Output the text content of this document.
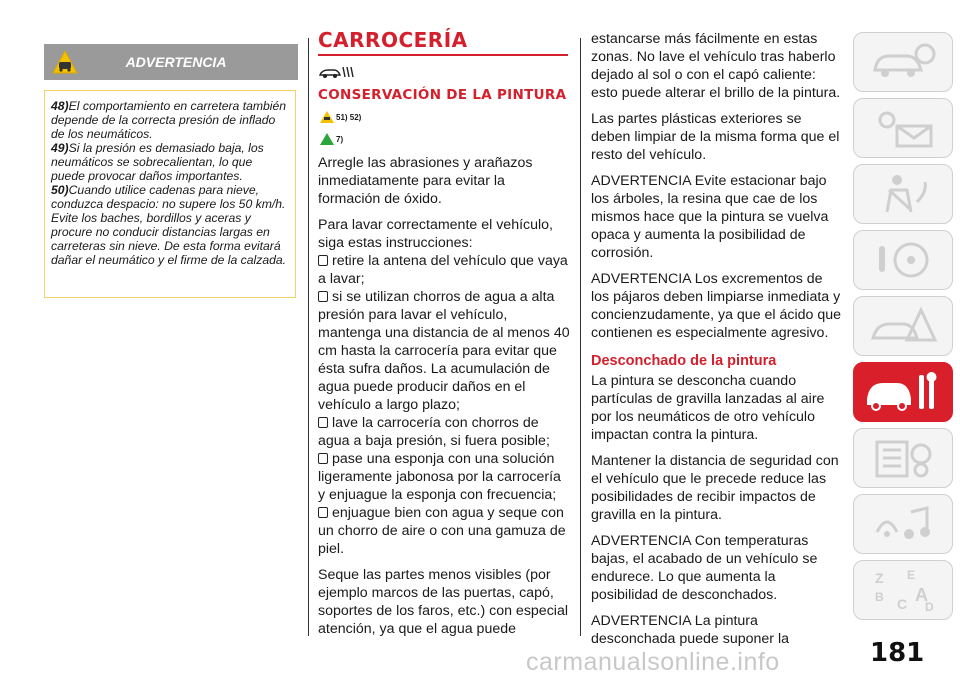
ADVERTENCIA

48)El comportamiento en carretera también depende de la correcta presión de inflado de los neumáticos.

49)Si la presión es demasiado baja, los neumáticos se sobrecalientan, lo que puede provocar daños importantes.

50)Cuando utilice cadenas para nieve, conduzca despacio: no supere los 50 km/h. Evite los baches, bordillos y aceras y procure no conducir distancias largas en carreteras sin nieve. De esta forma evitará dañar el neumático y el firme de la calzada.

CARROCERÍA
CONSERVACIÓN DE LA PINTURA
51) 52)
7)

Arregle las abrasiones y arañazos inmediatamente para evitar la formación de óxido.

Para lavar correctamente el vehículo, siga estas instrucciones:

retire la antena del vehículo que vaya a lavar;
si se utilizan chorros de agua a alta presión para lavar el vehículo, mantenga una distancia de al menos 40 cm hasta la carrocería para evitar que ésta sufra daños. La acumulación de agua puede producir daños en el vehículo a largo plazo;
lave la carrocería con chorros de agua a baja presión, si fuera posible;
pase una esponja con una solución ligeramente jabonosa por la carrocería y enjuague la esponja con frecuencia;
enjuague bien con agua y seque con un chorro de aire o con una gamuza de piel.

Seque las partes menos visibles (por ejemplo marcos de las puertas, capó, soportes de los faros, etc.) con especial atención, ya que el agua puede

estancarse más fácilmente en estas zonas. No lave el vehículo tras haberlo dejado al sol o con el capó caliente: esto puede alterar el brillo de la pintura.

Las partes plásticas exteriores se deben limpiar de la misma forma que el resto del vehículo.

ADVERTENCIA Evite estacionar bajo los árboles, la resina que cae de los mismos hace que la pintura se vuelva opaca y aumenta la posibilidad de corrosión.

ADVERTENCIA Los excrementos de los pájaros deben limpiarse inmediata y concienzudamente, ya que el ácido que contienen es especialmente agresivo.

Desconchado de la pintura

La pintura se desconcha cuando partículas de gravilla lanzadas al aire por los neumáticos de otro vehículo impactan contra la pintura.

Mantener la distancia de seguridad con el vehículo que le precede reduce las posibilidades de recibir impactos de gravilla en la pintura.

ADVERTENCIA Con temperaturas bajas, el acabado de un vehículo se endurece. Lo que aumenta la posibilidad de desconchados.

ADVERTENCIA La pintura desconchada puede suponer la

Z E
B C A
D
carmanualsonline.info	181
